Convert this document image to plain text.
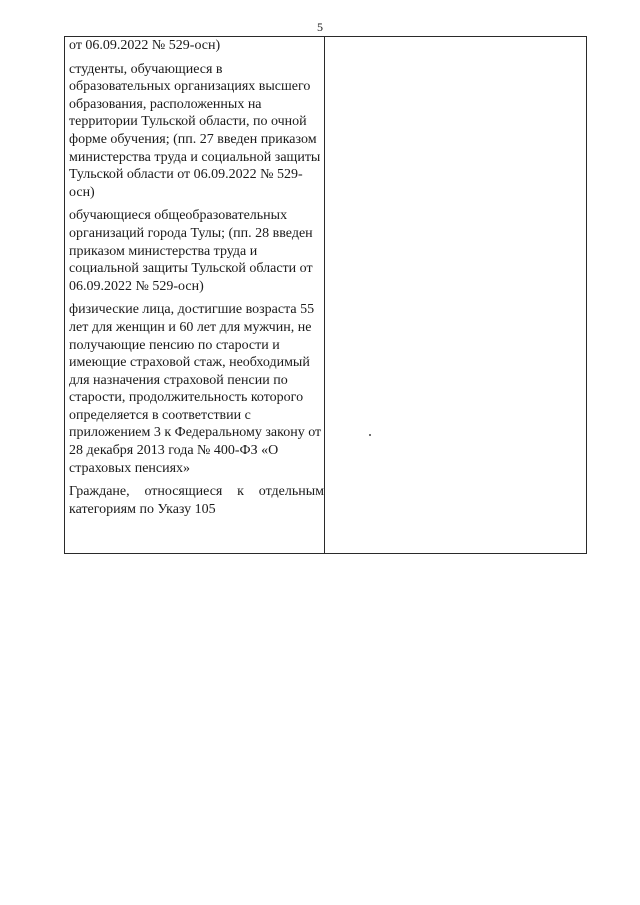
5
от 06.09.2022 № 529-осн)
студенты, обучающиеся в образовательных организациях высшего образования, расположенных на территории Тульской области, по очной форме обучения; (пп. 27 введен приказом министерства труда и социальной защиты Тульской области от 06.09.2022 № 529-осн)
обучающиеся общеобразовательных организаций города Тулы; (пп. 28 введен приказом министерства труда и социальной защиты Тульской области от 06.09.2022 № 529-осн)
физические лица, достигшие возраста 55 лет для женщин и 60 лет для мужчин, не получающие пенсию по старости и имеющие страховой стаж, необходимый для назначения страховой пенсии по старости, продолжительность которого определяется в соответствии с приложением 3 к Федеральному закону от 28 декабря 2013 года № 400-ФЗ «О страховых пенсиях»
Граждане, относящиеся к отдельным категориям по Указу 105
